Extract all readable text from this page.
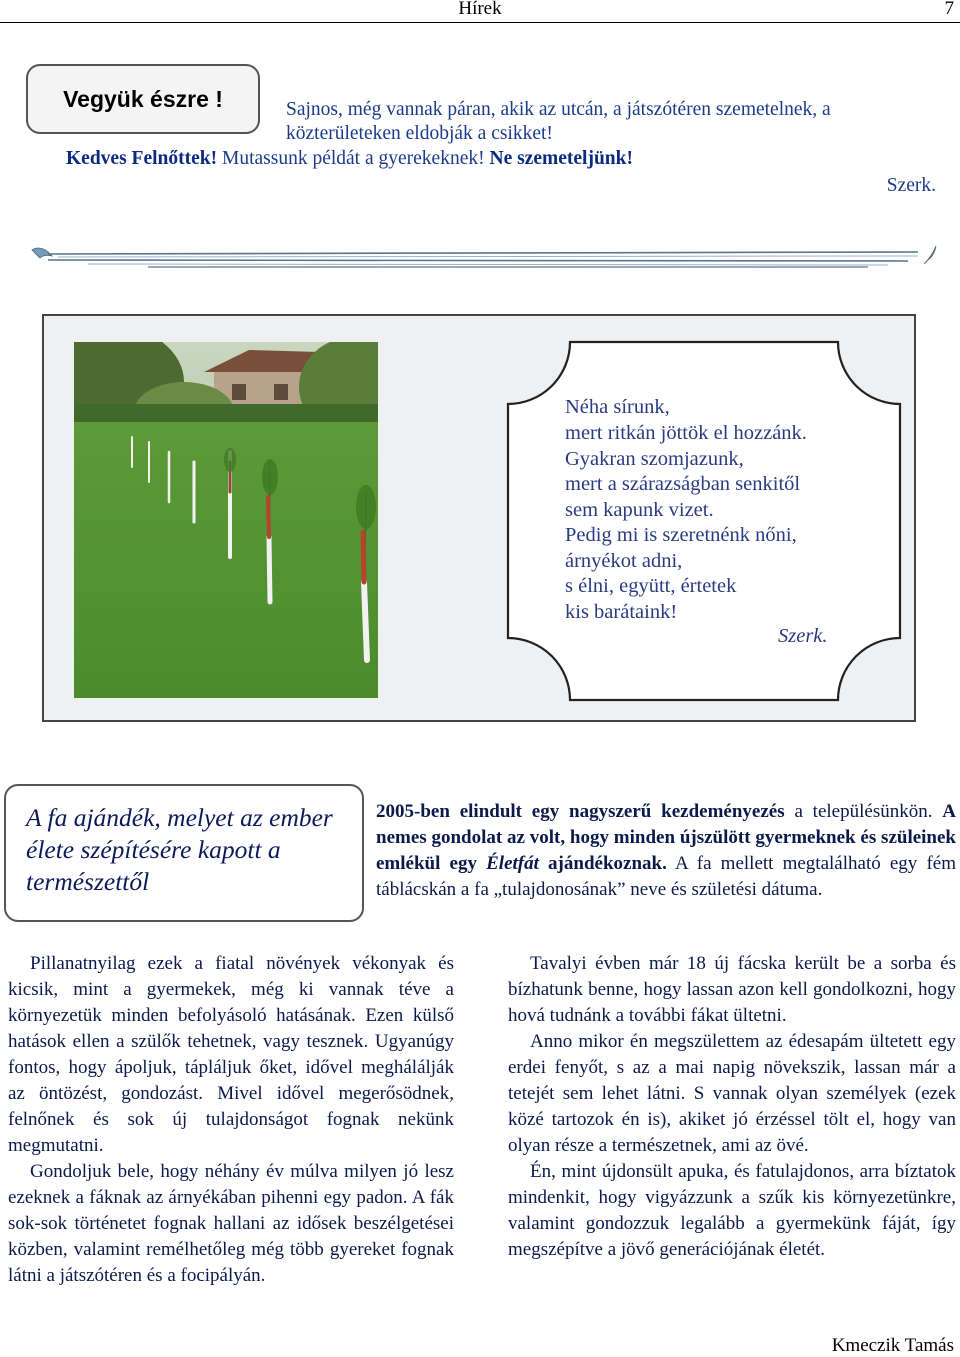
Hírek	7
Vegyük észre !	Sajnos, még vannak páran, akik az utcán, a játszótéren szemetelnek, a
közterületeken eldobják a csikket!
Kedves Felnőttek! Mutassunk példát a gyerekeknek! Ne szemeteljünk!
Szerk.
Néha sírunk,
mert ritkán jöttök el hozzánk.
Gyakran szomjazunk,
mert a szárazságban senkitől
sem kapunk vizet.
Pedig mi is szeretnénk nőni,
árnyékot adni,
s élni, együtt, értetek
kis barátaink!
Szerk.
A fa ajándék, melyet az ember élete szépítésére kapott a természettől
2005-ben elindult egy nagyszerű kezdeményezés a településünkön. A nemes gondolat az volt, hogy minden újszülött gyermeknek és szüleinek emlékül egy Életfát ajándékoznak. A fa mellett megtalálható egy fém táblácskán a fa „tulajdonosának” neve és születési dátuma.

Pillanatnyilag ezek a fiatal növények vékonyak és kicsik, mint a gyermekek, még ki vannak téve a környezetük minden befolyásoló hatásának. Ezen külső hatások ellen a szülők tehetnek, vagy tesznek. Ugyanúgy fontos, hogy ápoljuk, tápláljuk őket, idővel meghálálják az öntözést, gondozást. Mivel idővel megerősödnek, felnőnek és sok új tulajdonságot fognak nekünk megmutatni.

Gondoljuk bele, hogy néhány év múlva milyen jó lesz ezeknek a fáknak az árnyékában pihenni egy padon. A fák sok-sok történetet fognak hallani az idősek beszélgetései közben, valamint remélhetőleg még több gyereket fognak látni a játszótéren és a focipályán.

Tavalyi évben már 18 új fácska került be a sorba és bízhatunk benne, hogy lassan azon kell gondolkozni, hogy hová tudnánk a további fákat ültetni.

Anno mikor én megszülettem az édesapám ültetett egy erdei fenyőt, s az a mai napig növekszik, lassan már a tetejét sem lehet látni. S vannak olyan személyek (ezek közé tartozok én is), akiket jó érzéssel tölt el, hogy van olyan része a természetnek, ami az övé.

Én, mint újdonsült apuka, és fatulajdonos, arra bíztatok mindenkit, hogy vigyázzunk a szűk kis környezetünkre, valamint gondozzuk legalább a gyermekünk fáját, így megszépítve a jövő generációjának életét.

Kmeczik Tamás
